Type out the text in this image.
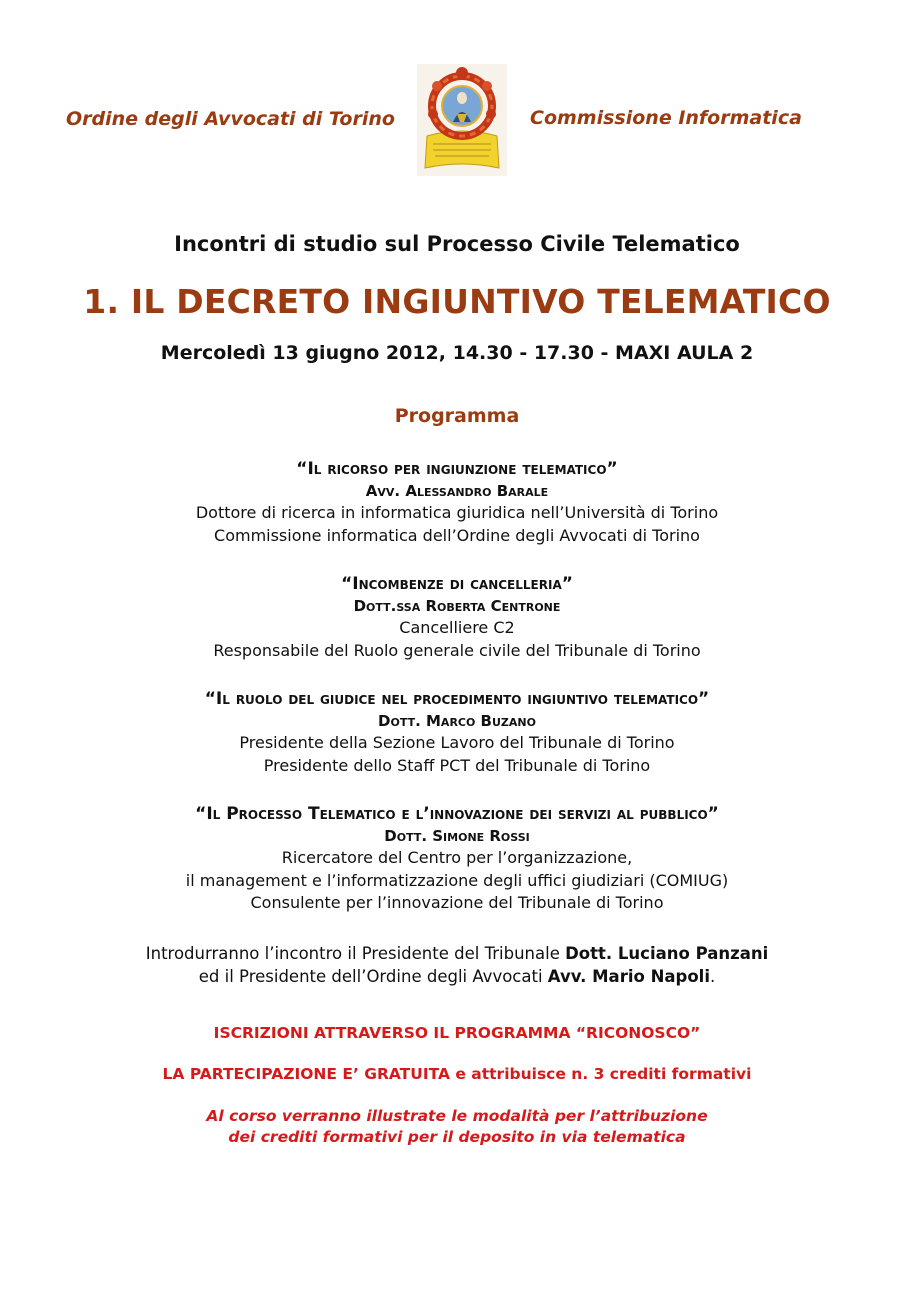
Ordine degli Avvocati di Torino	Commissione Informatica
Incontri di studio sul Processo Civile Telematico
1. IL DECRETO INGIUNTIVO TELEMATICO
Mercoledì 13 giugno 2012, 14.30 - 17.30 - MAXI AULA 2
Programma
“Il ricorso per ingiunzione telematico”
Avv. Alessandro Barale
Dottore di ricerca in informatica giuridica nell’Università di Torino
Commissione informatica dell’Ordine degli Avvocati di Torino
“Incombenze di cancelleria”
Dott.ssa Roberta Centrone
Cancelliere C2
Responsabile del Ruolo generale civile del Tribunale di Torino
“Il ruolo del giudice nel procedimento ingiuntivo telematico”
Dott. Marco Buzano
Presidente della Sezione Lavoro del Tribunale di Torino
Presidente dello Staff PCT del Tribunale di Torino
“Il Processo Telematico e l’innovazione dei servizi al pubblico”
Dott. Simone Rossi
Ricercatore del Centro per l’organizzazione,
il management e l’informatizzazione degli uffici giudiziari (COMIUG)
Consulente per l’innovazione del Tribunale di Torino
Introdurranno l’incontro il Presidente del Tribunale Dott. Luciano Panzani
ed il Presidente dell’Ordine degli Avvocati Avv. Mario Napoli.
ISCRIZIONI ATTRAVERSO IL PROGRAMMA “RICONOSCO”
LA PARTECIPAZIONE E’ GRATUITA e attribuisce n. 3 crediti formativi
Al corso verranno illustrate le modalità per l’attribuzione
dei crediti formativi per il deposito in via telematica
